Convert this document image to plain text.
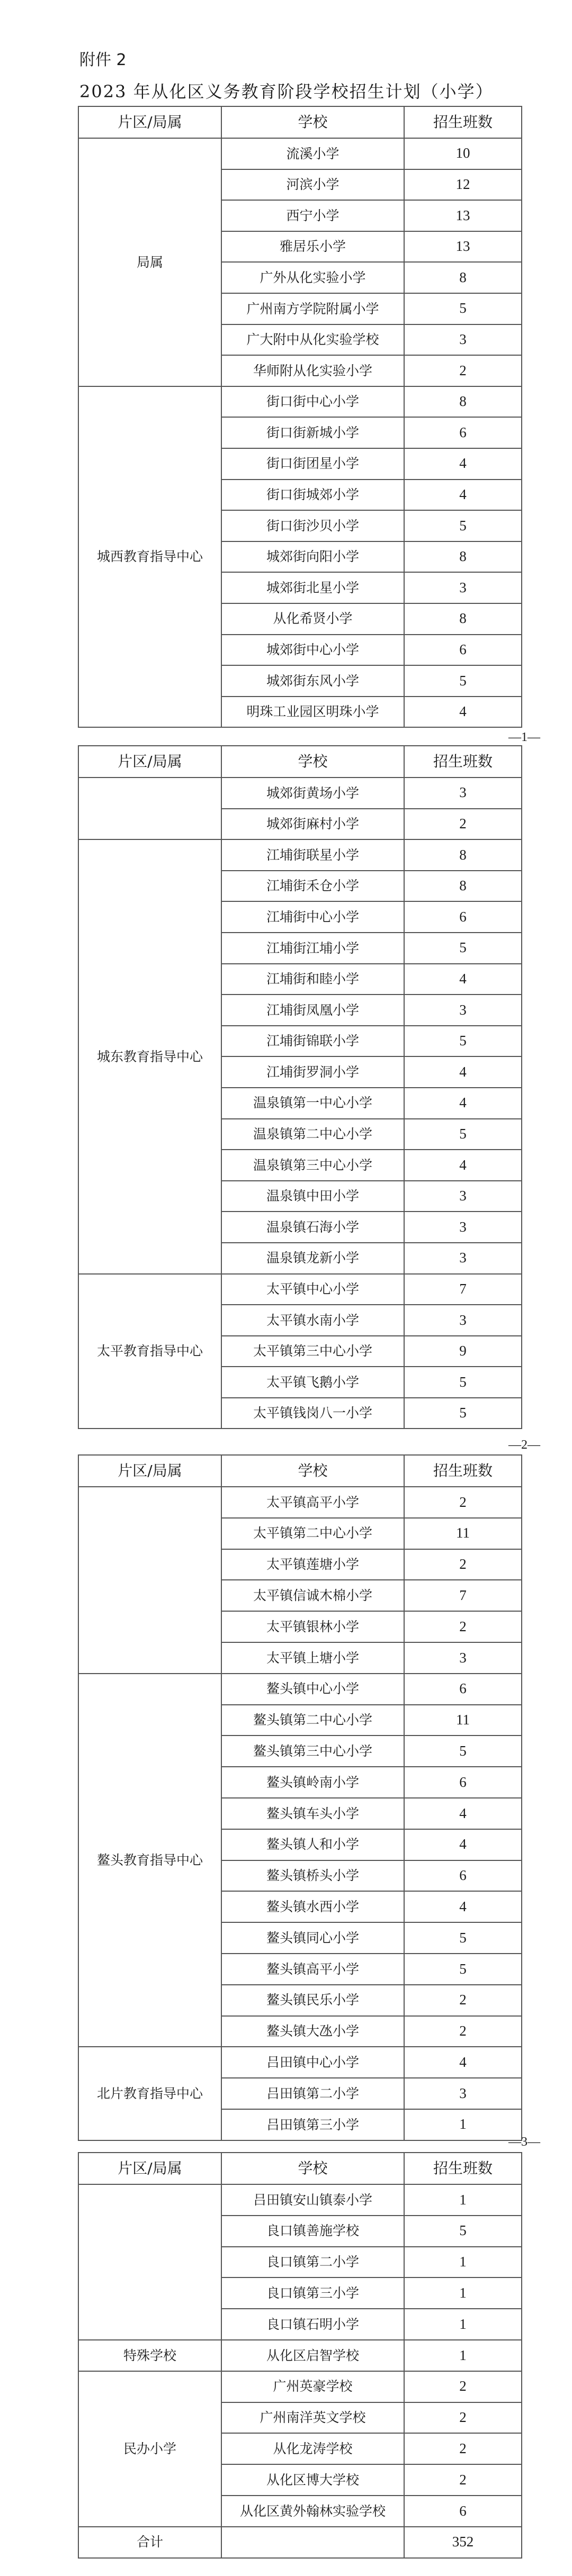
附件 2
2023 年从化区义务教育阶段学校招生计划（小学）
片区/局属	学校	招生班数
局属	流溪小学	10
	河滨小学	12
	西宁小学	13
	雅居乐小学	13
	广外从化实验小学	8
	广州南方学院附属小学	5
	广大附中从化实验学校	3
	华师附从化实验小学	2
城西教育指导中心	街口街中心小学	8
	街口街新城小学	6
	街口街团星小学	4
	街口街城郊小学	4
	街口街沙贝小学	5
	城郊街向阳小学	8
	城郊街北星小学	3
	从化希贤小学	8
	城郊街中心小学	6
	城郊街东风小学	5
	明珠工业园区明珠小学	4
—1—
片区/局属	学校	招生班数
	城郊街黄场小学	3
	城郊街麻村小学	2
城东教育指导中心	江埔街联星小学	8
	江埔街禾仓小学	8
	江埔街中心小学	6
	江埔街江埔小学	5
	江埔街和睦小学	4
	江埔街凤凰小学	3
	江埔街锦联小学	5
	江埔街罗洞小学	4
	温泉镇第一中心小学	4
	温泉镇第二中心小学	5
	温泉镇第三中心小学	4
	温泉镇中田小学	3
	温泉镇石海小学	3
	温泉镇龙新小学	3
太平教育指导中心	太平镇中心小学	7
	太平镇水南小学	3
	太平镇第三中心小学	9
	太平镇飞鹅小学	5
	太平镇钱岗八一小学	5
—2—
片区/局属	学校	招生班数
	太平镇高平小学	2
	太平镇第二中心小学	11
	太平镇莲塘小学	2
	太平镇信诚木棉小学	7
	太平镇银林小学	2
	太平镇上塘小学	3
鳌头教育指导中心	鳌头镇中心小学	6
	鳌头镇第二中心小学	11
	鳌头镇第三中心小学	5
	鳌头镇岭南小学	6
	鳌头镇车头小学	4
	鳌头镇人和小学	4
	鳌头镇桥头小学	6
	鳌头镇水西小学	4
	鳌头镇同心小学	5
	鳌头镇高平小学	5
	鳌头镇民乐小学	2
	鳌头镇大氹小学	2
北片教育指导中心	吕田镇中心小学	4
	吕田镇第二小学	3
	吕田镇第三小学	1
—3—
片区/局属	学校	招生班数
	吕田镇安山镇泰小学	1
	良口镇善施学校	5
	良口镇第二小学	1
	良口镇第三小学	1
	良口镇石明小学	1
特殊学校	从化区启智学校	1
民办小学	广州英豪学校	2
	广州南洋英文学校	2
	从化龙涛学校	2
	从化区博大学校	2
	从化区黄外翰林实验学校	6
合计		352
